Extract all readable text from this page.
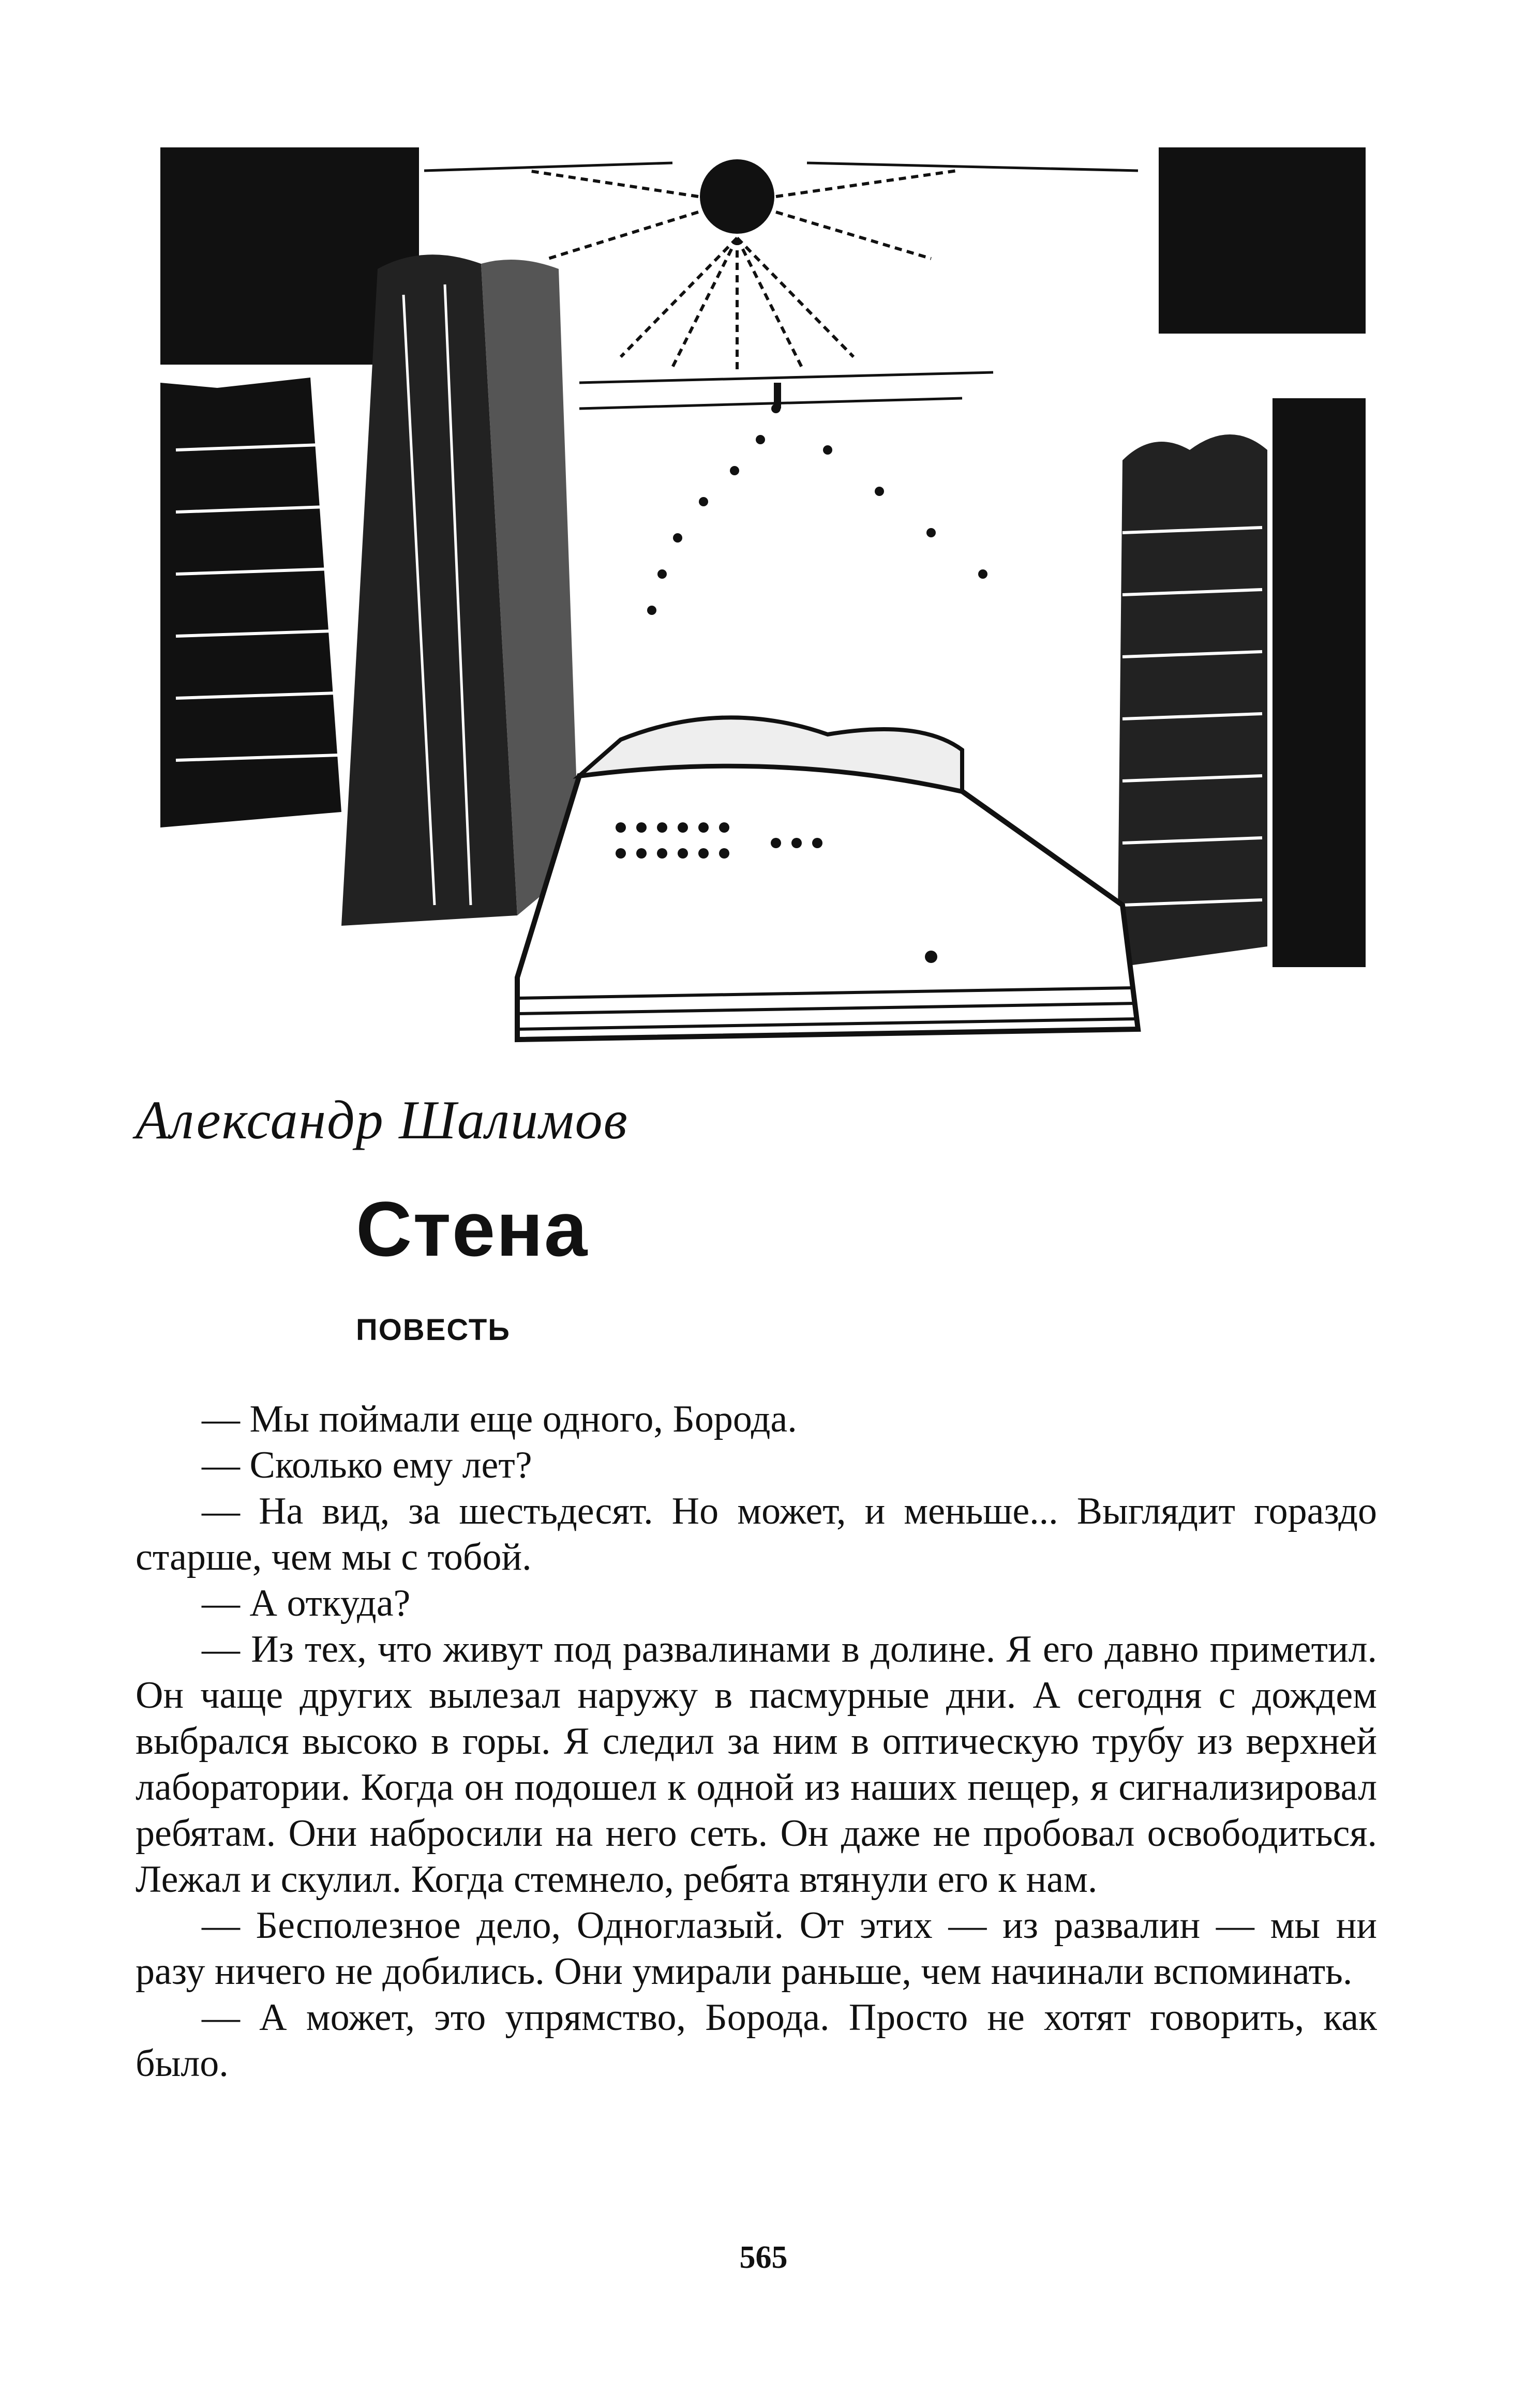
Александр Шалимов
Стена
ПОВЕСТЬ

— Мы поймали еще одного, Борода.

— Сколько ему лет?

— На вид, за шестьдесят. Но может, и меньше... Выглядит гораздо старше, чем мы с тобой.

— А откуда?

— Из тех, что живут под развалинами в долине. Я его давно приметил. Он чаще других вылезал наружу в пасмурные дни. А сегодня с дождем выбрался высоко в горы. Я следил за ним в оптическую трубу из верхней лаборатории. Когда он подошел к одной из наших пещер, я сигнализировал ребятам. Они набросили на него сеть. Он даже не пробовал освободиться. Лежал и скулил. Когда стемнело, ребята втянули его к нам.

— Бесполезное дело, Одноглазый. От этих — из развалин — мы ни разу ничего не добились. Они умирали раньше, чем начинали вспоминать.

— А может, это упрямство, Борода. Просто не хотят говорить, как было.

565
